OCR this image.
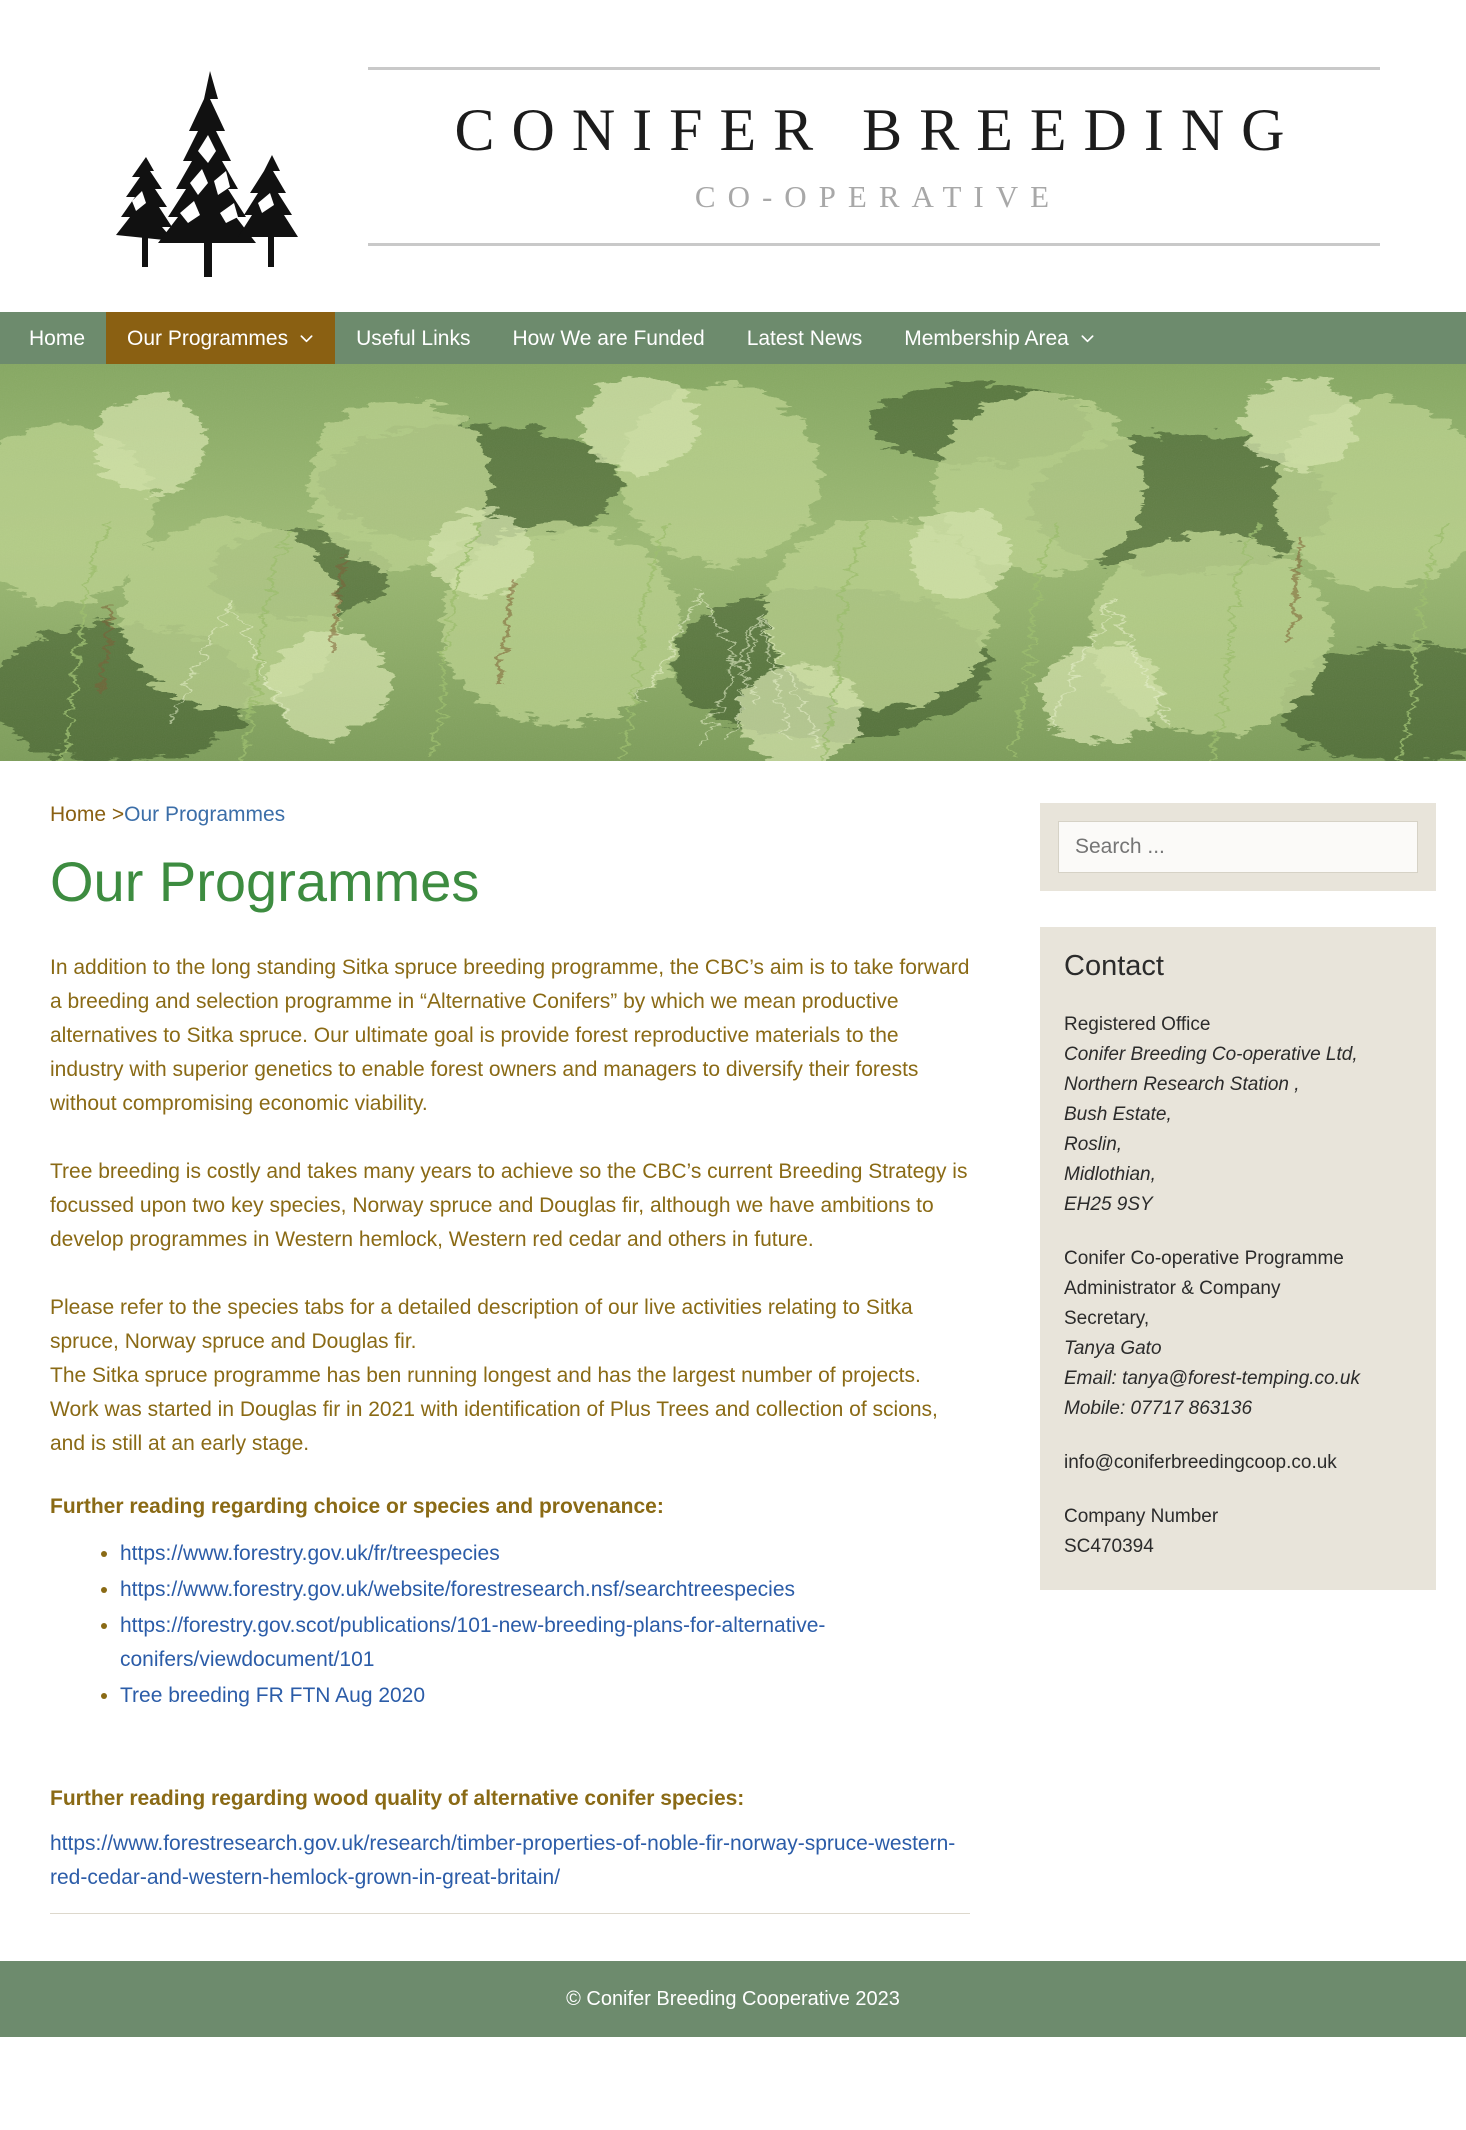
CONIFER BREEDING
CO-OPERATIVE
Home Our Programmes	Useful Links How We are Funded Latest News Membership Area
Home >Our Programmes
Our Programmes

In addition to the long standing Sitka spruce breeding programme, the CBC’s aim is to take forward a breeding and selection programme in “Alternative Conifers” by which we mean productive alternatives to Sitka spruce. Our ultimate goal is provide forest reproductive materials to the industry with superior genetics to enable forest owners and managers to diversify their forests without compromising economic viability.

Tree breeding is costly and takes many years to achieve so the CBC’s current Breeding Strategy is focussed upon two key species, Norway spruce and Douglas fir, although we have ambitions to develop programmes in Western hemlock, Western red cedar and others in future.

Please refer to the species tabs for a detailed description of our live activities relating to Sitka spruce, Norway spruce and Douglas fir.

The Sitka spruce programme has ben running longest and has the largest number of projects. Work was started in Douglas fir in 2021 with identification of Plus Trees and collection of scions, and is still at an early stage.

Further reading regarding choice or species and provenance:

• https://www.forestry.gov.uk/fr/treespecies
• https://www.forestry.gov.uk/website/forestresearch.nsf/searchtreespecies
• https://forestry.gov.scot/publications/101-new-breeding-plans-for-alternative-conifers/viewdocument/101
• Tree breeding FR FTN Aug 2020

Further reading regarding wood quality of alternative conifer species:

https://www.forestresearch.gov.uk/research/timber-properties-of-noble-fir-norway-spruce-western-red-cedar-and-western-hemlock-grown-in-great-britain/
Search ...
Contact
Registered Office
Conifer Breeding Co-operative Ltd,
Northern Research Station ,
Bush Estate,
Roslin,
Midlothian,
EH25 9SY
Conifer Co-operative Programme
Administrator & Company
Secretary,
Tanya Gato
Email: tanya@forest-temping.co.uk
Mobile: 07717 863136
info@coniferbreedingcoop.co.uk
Company Number
SC470394
© Conifer Breeding Cooperative 2023
